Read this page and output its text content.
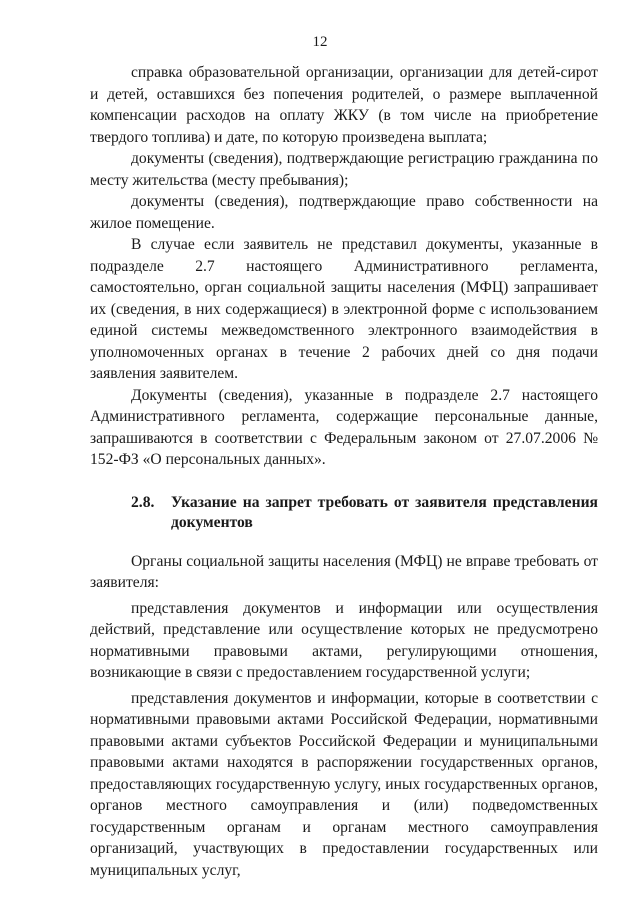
12

справка образовательной организации, организации для детей-сирот и детей, оставшихся без попечения родителей, о размере выплаченной компенсации расходов на оплату ЖКУ (в том числе на приобретение твердого топлива) и дате, по которую произведена выплата;

документы (сведения), подтверждающие регистрацию гражданина по месту жительства (месту пребывания);

документы (сведения), подтверждающие право собственности на жилое помещение.

В случае если заявитель не представил документы, указанные в подразделе 2.7 настоящего Административного регламента, самостоятельно, орган социальной защиты населения (МФЦ) запрашивает их (сведения, в них содержащиеся) в электронной форме с использованием единой системы межведомственного электронного взаимодействия в уполномоченных органах в течение 2 рабочих дней со дня подачи заявления заявителем.

Документы (сведения), указанные в подразделе 2.7 настоящего Административного регламента, содержащие персональные данные, запрашиваются в соответствии с Федеральным законом от 27.07.2006 № 152-ФЗ «О персональных данных».

2.8.	Указание на запрет требовать от заявителя представления документов

Органы социальной защиты населения (МФЦ) не вправе требовать от заявителя:

представления документов и информации или осуществления действий, представление или осуществление которых не предусмотрено нормативными правовыми актами, регулирующими отношения, возникающие в связи с предоставлением государственной услуги;

представления документов и информации, которые в соответствии с нормативными правовыми актами Российской Федерации, нормативными правовыми актами субъектов Российской Федерации и муниципальными правовыми актами находятся в распоряжении государственных органов, предоставляющих государственную услугу, иных государственных органов, органов местного самоуправления и (или) подведомственных государственным органам и органам местного самоуправления организаций, участвующих в предоставлении государственных или муниципальных услуг,
